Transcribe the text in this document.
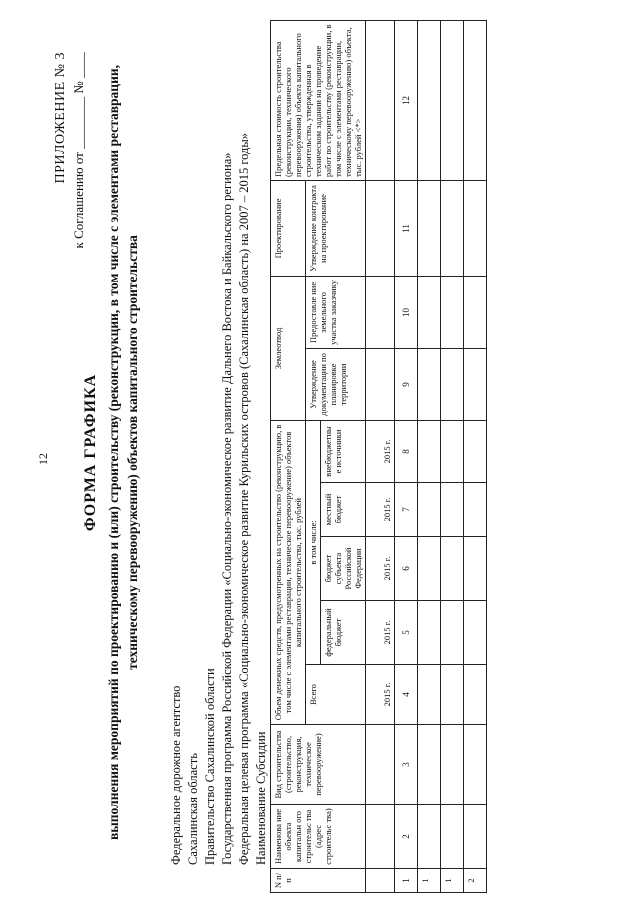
12
ПРИЛОЖЕНИЕ № 3 к Соглашению от ________ № ____
ФОРМА ГРАФИКА выполнения мероприятий по проектированию и (или) строительству (реконструкции, в том числе с элементами реставрации, техническому перевооружению) объектов капитального строительства
Федеральное дорожное агентство Сахалинская область Правительство Сахалинской области Государственная программа Российской Федерации «Социально-экономическое развитие Дальнего Востока и Байкальского региона» Федеральная целевая программа «Социально-экономическое развитие Курильских островов (Сахалинская область) на 2007 – 2015 годы» Наименование Субсидии
N п/п	Наименова ние объекта капитальн ого строительс тва (адрес строительс тва)	Вид строительства (строительство, реконструкция, техническое перевооружение)	Объем денежных средств, предусмотренных на строительство (реконструкцию, в том числе с элементами реставрации, техническое перевооружение) объектов капитального строительства, тыс. рублей					Землеотвод		Проектирование	Предельная стоимость строительства (реконструкции, технического перевооружения) объекта капитального строительства, утвержденная в техническом задании на проведение работ по строительству (реконструкции, в том числе с элементами реставрации, техническому перевооружению) объекта, тыс. рублей <*>
			Всего	в том числе:				Утверждение документации по планировке территории	Предоставле ние земельного участка заказчику	Утверждение контракта на проектирование	
				федеральный бюджет	бюджет субъекта Российской Федерации	местный бюджет	внебюджетны е источники				
			2015 г.	2015 г.	2015 г.	2015 г.	2015 г.				
1	2	3	4	5	6	7	8	9	10	11	12
1											
1											
2											
